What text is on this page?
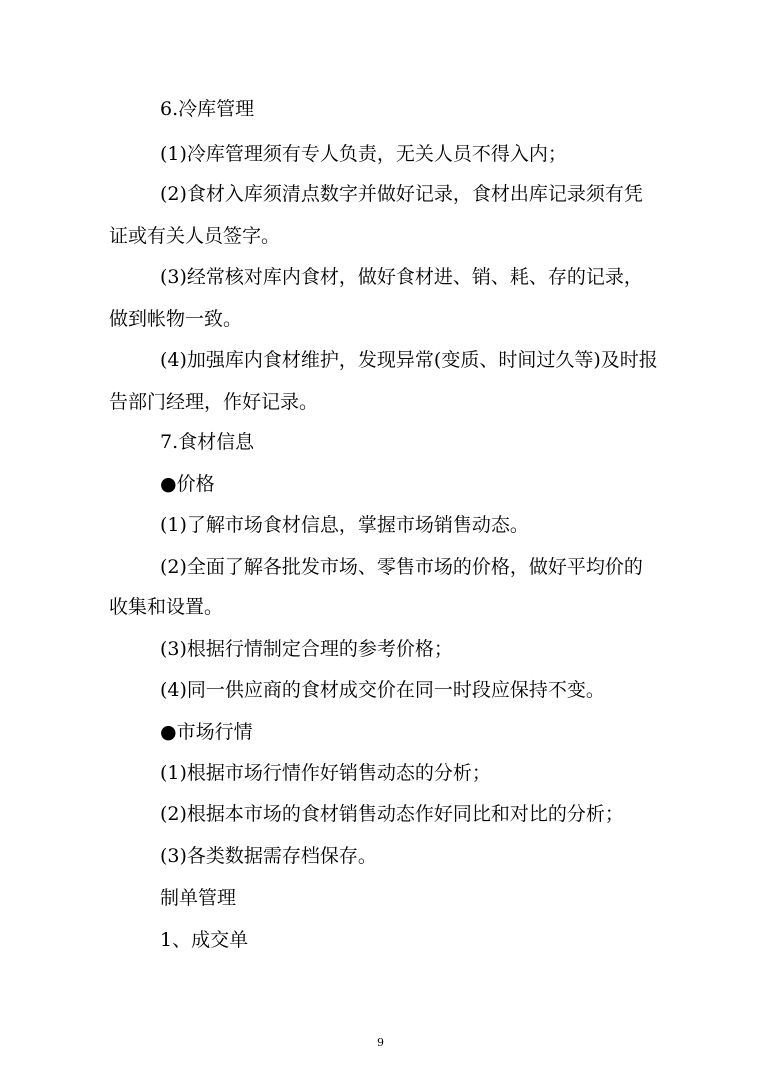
6.冷库管理
(1)冷库管理须有专人负责，无关人员不得入内；
(2)食材入库须清点数字并做好记录，食材出库记录须有凭
证或有关人员签字。
(3)经常核对库内食材，做好食材进、销、耗、存的记录，
做到帐物一致。
(4)加强库内食材维护，发现异常(变质、时间过久等)及时报
告部门经理，作好记录。
7.食材信息
●价格
(1)了解市场食材信息，掌握市场销售动态。
(2)全面了解各批发市场、零售市场的价格，做好平均价的
收集和设置。
(3)根据行情制定合理的参考价格；
(4)同一供应商的食材成交价在同一时段应保持不变。
●市场行情
(1)根据市场行情作好销售动态的分析；
(2)根据本市场的食材销售动态作好同比和对比的分析；
(3)各类数据需存档保存。
制单管理
1、成交单
9
